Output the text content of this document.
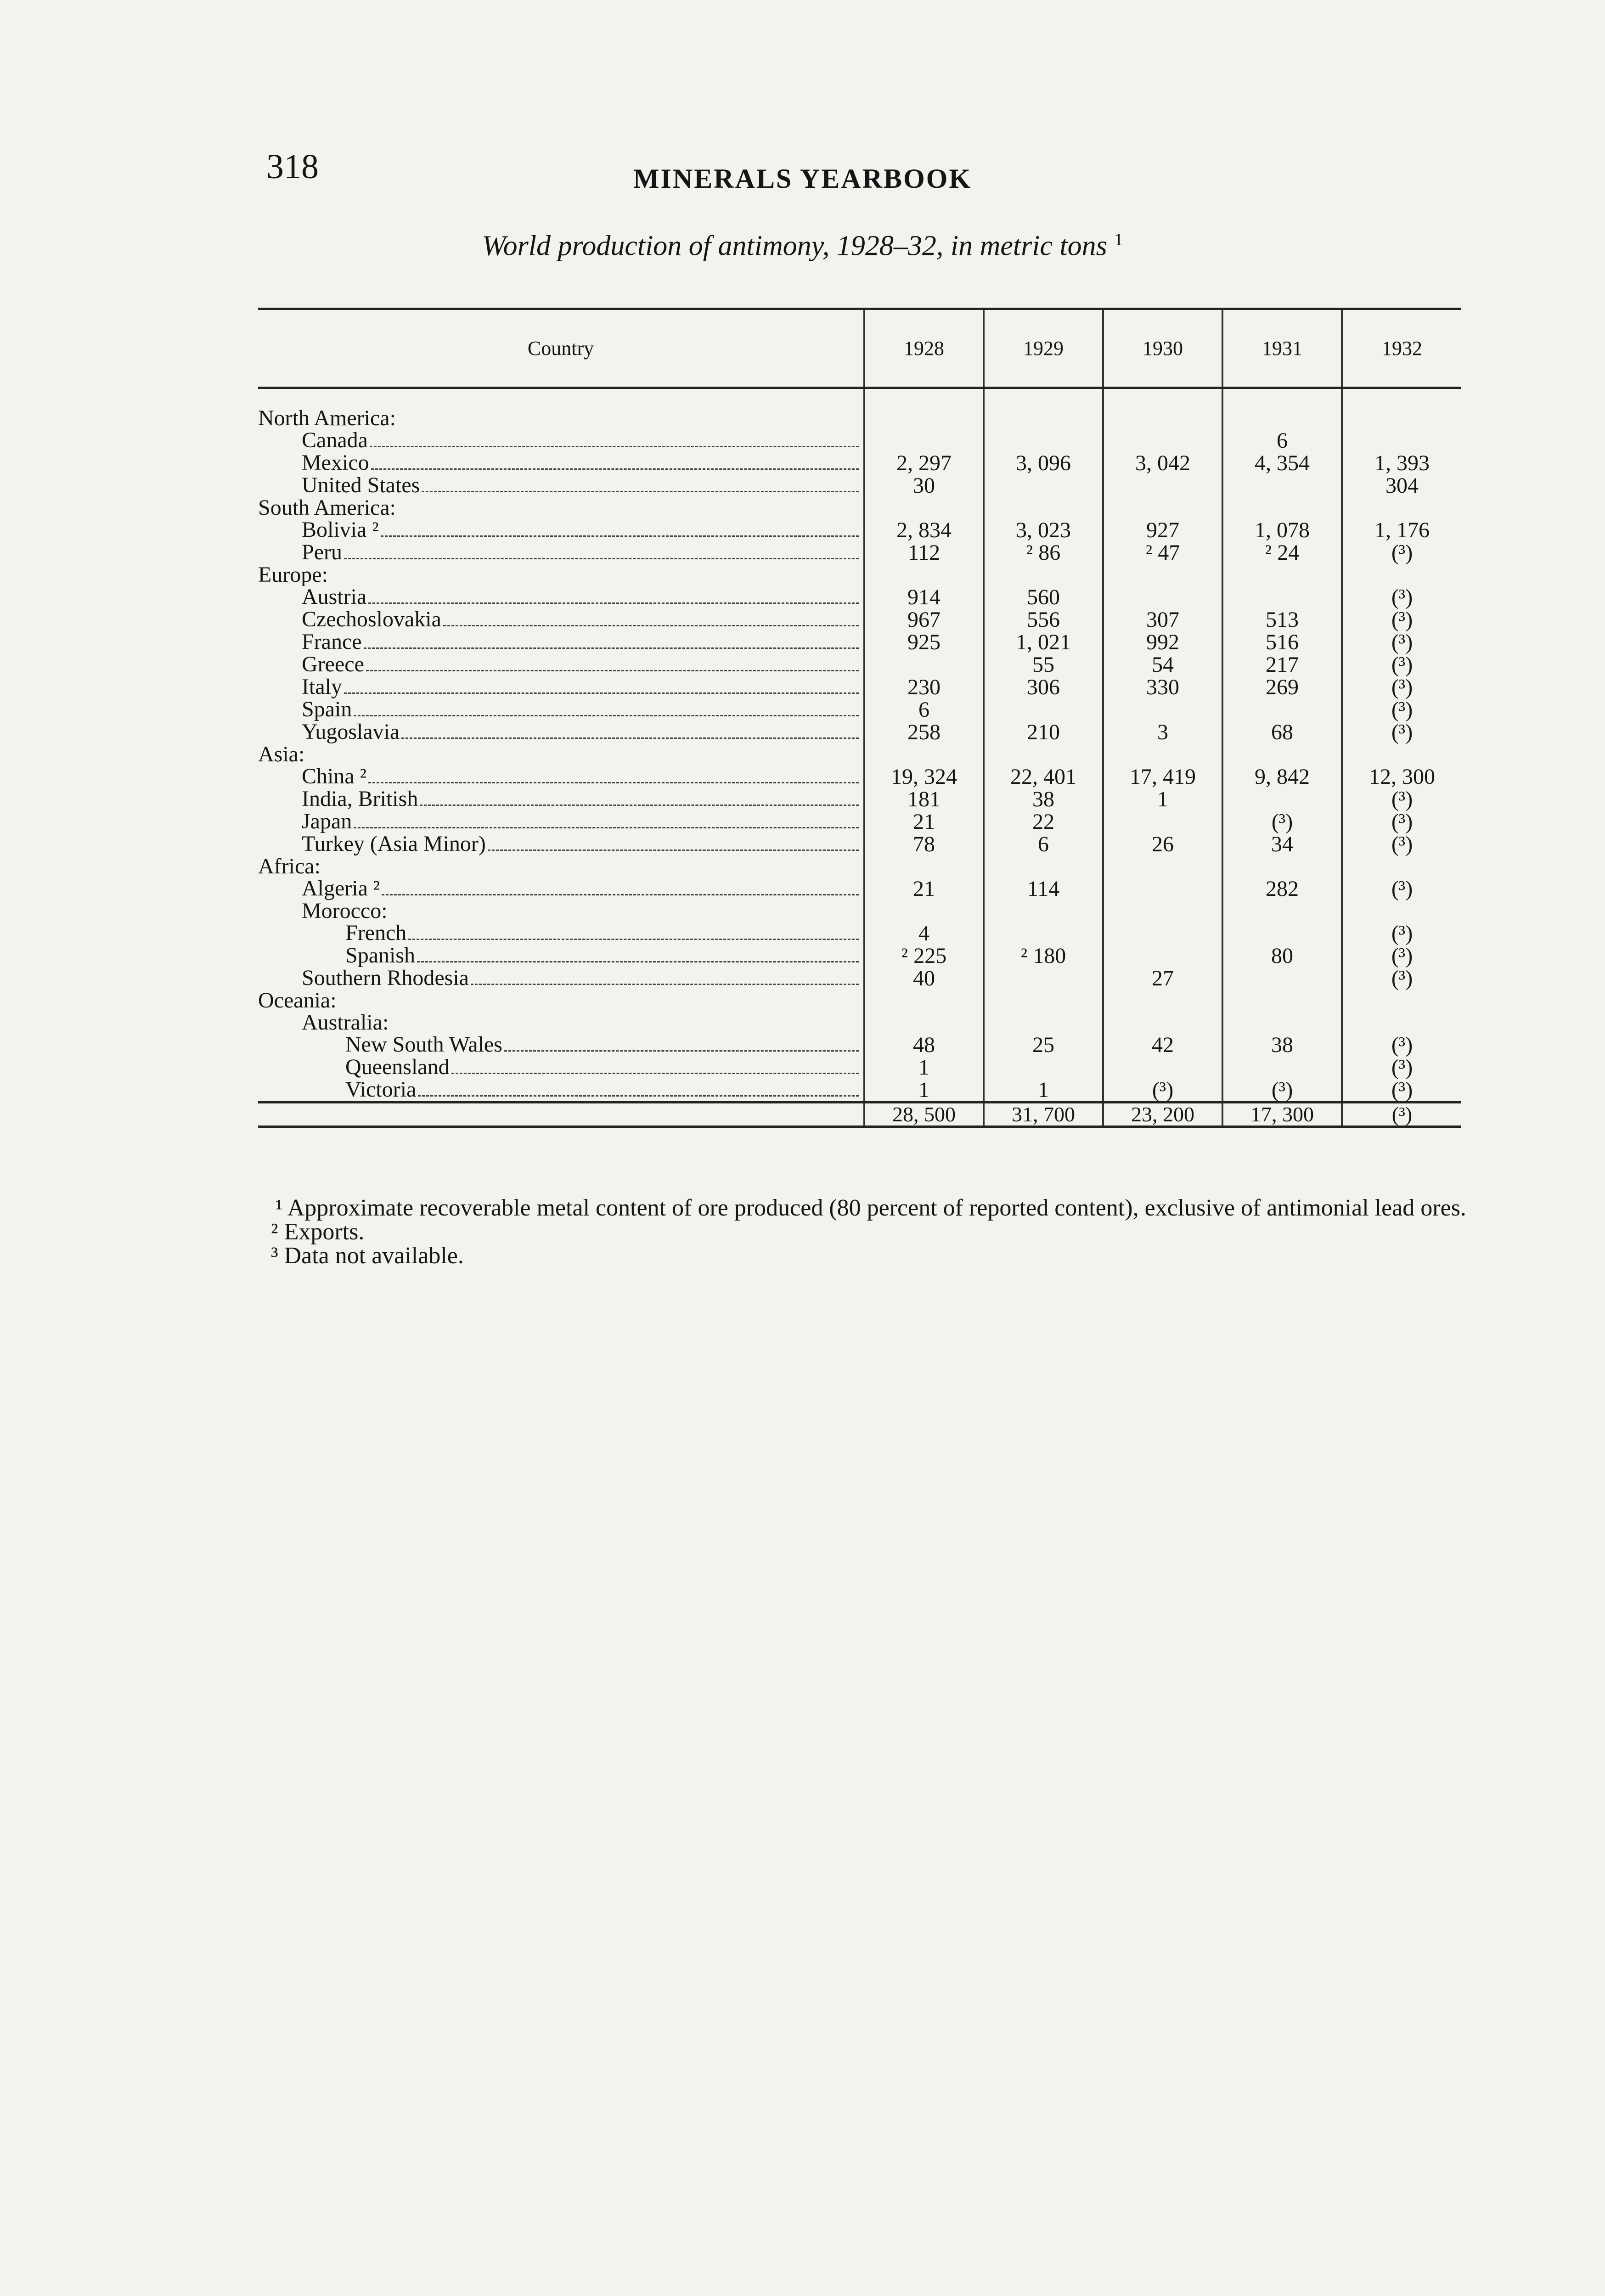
318	MINERALS YEARBOOK
World production of antimony, 1928–32, in metric tons $^1$
Country	1928	1929	1930	1931	1932

North America:					

Canada				6	

Mexico	2, 297	3, 096	3, 042	4, 354	1, 393

United States	30				304

South America:					

Bolivia ²	2, 834	3, 023	927	1, 078	1, 176

Peru	112	² 86	² 47	² 24	(³)

Europe:					

Austria	914	560			(³)

Czechoslovakia	967	556	307	513	(³)

France	925	1, 021	992	516	(³)

Greece		55	54	217	(³)

Italy	230	306	330	269	(³)

Spain	6				(³)

Yugoslavia	258	210	3	68	(³)

Asia:					

China ²	19, 324	22, 401	17, 419	9, 842	12, 300

India, British	181	38	1		(³)

Japan	21	22		(³)	(³)

Turkey (Asia Minor)	78	6	26	34	(³)

Africa:					

Algeria ²	21	114		282	(³)

Morocco:					

French	4				(³)

Spanish	² 225	² 180		80	(³)

Southern Rhodesia	40		27		(³)

Oceania:					

Australia:					

New South Wales	48	25	42	38	(³)

Queensland	1				(³)

Victoria	1	1	(³)	(³)	(³)
	28, 500	31, 700	23, 200	17, 300	(³)

¹ Approximate recoverable metal content of ore produced (80 percent of reported content), exclusive of antimonial lead ores.

² Exports.

³ Data not available.
